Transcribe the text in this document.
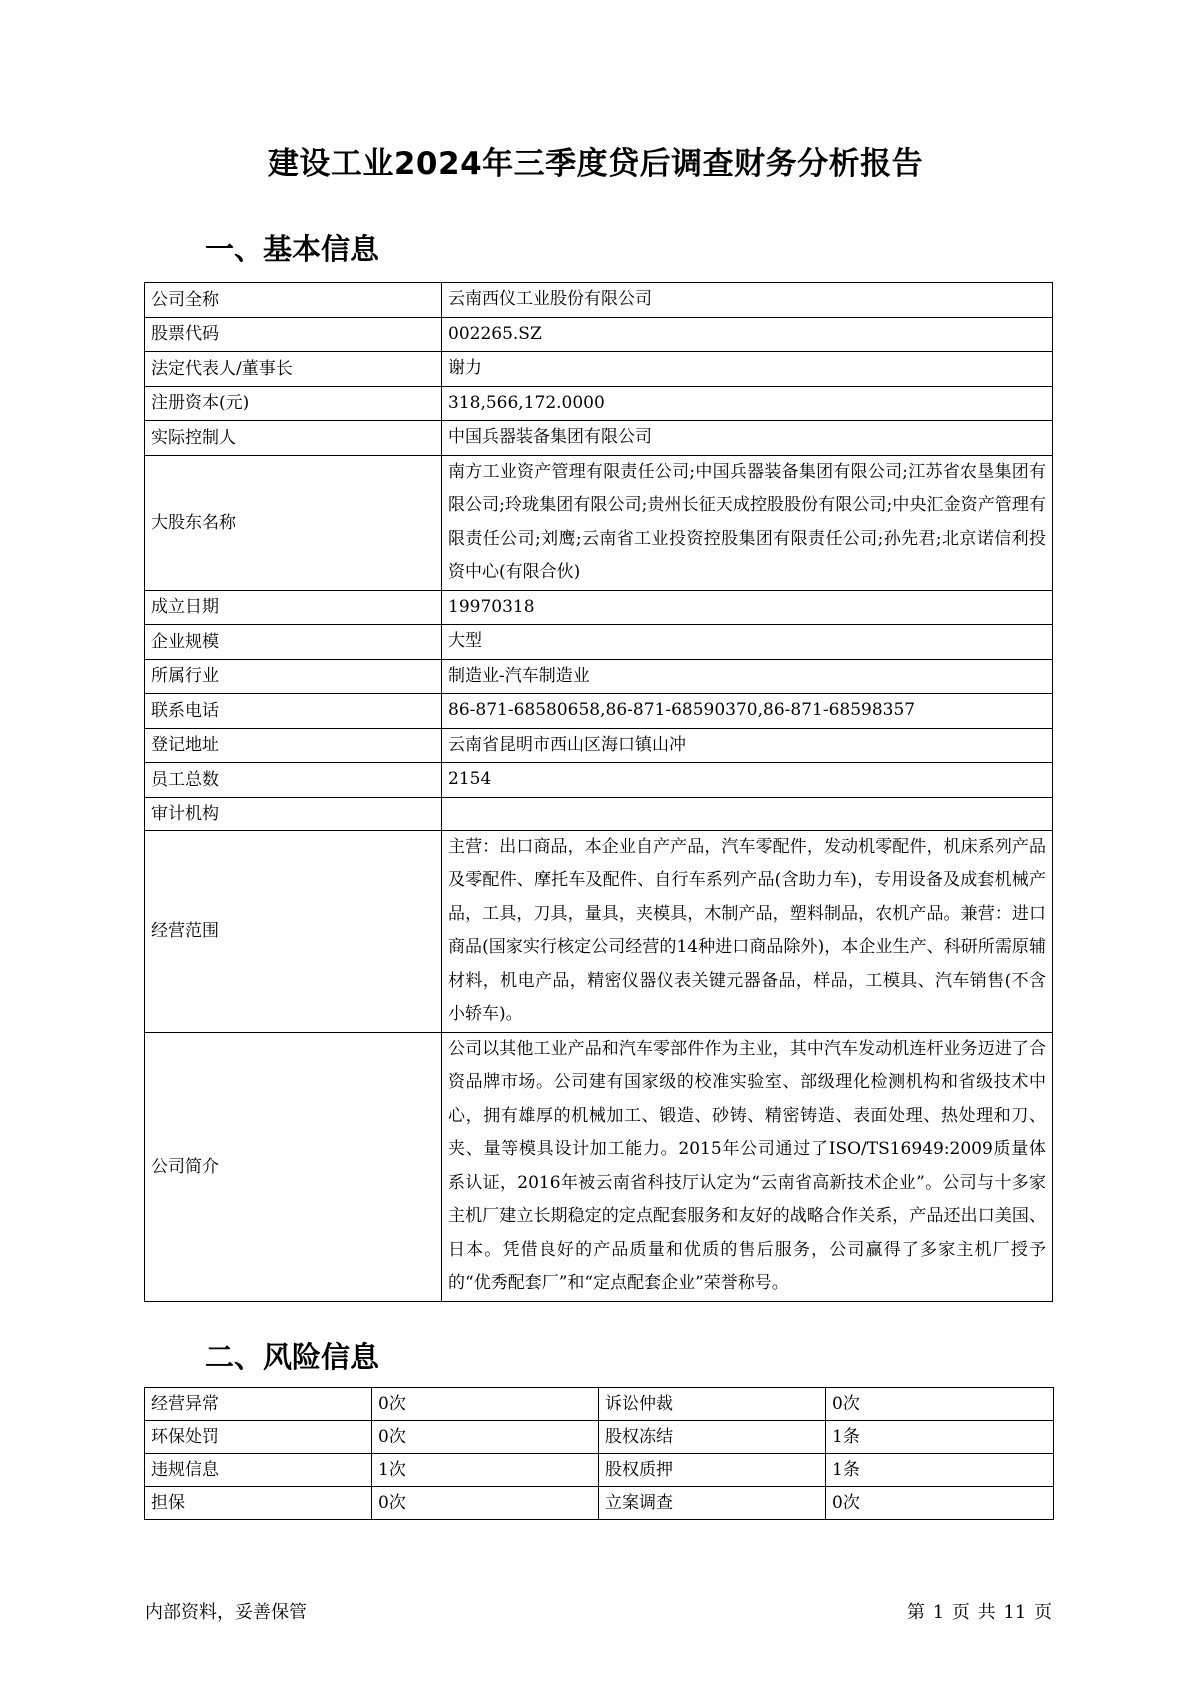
建设工业2024年三季度贷后调查财务分析报告
一、基本信息
公司全称	云南西仪工业股份有限公司
股票代码	002265.SZ
法定代表人/董事长	谢力
注册资本(元)	318,566,172.0000
实际控制人	中国兵器装备集团有限公司
大股东名称	南方工业资产管理有限责任公司;中国兵器装备集团有限公司;江苏省农垦集团有限公司;玲珑集团有限公司;贵州长征天成控股股份有限公司;中央汇金资产管理有限责任公司;刘鹰;云南省工业投资控股集团有限责任公司;孙先君;北京诺信利投资中心(有限合伙)
成立日期	19970318
企业规模	大型
所属行业	制造业-汽车制造业
联系电话	86-871-68580658,86-871-68590370,86-871-68598357
登记地址	云南省昆明市西山区海口镇山冲
员工总数	2154
审计机构	
经营范围	主营：出口商品，本企业自产产品，汽车零配件，发动机零配件，机床系列产品及零配件、摩托车及配件、自行车系列产品(含助力车)，专用设备及成套机械产品，工具，刀具，量具，夹模具，木制产品，塑料制品，农机产品。兼营：进口商品(国家实行核定公司经营的14种进口商品除外)，本企业生产、科研所需原辅材料，机电产品，精密仪器仪表关键元器备品，样品，工模具、汽车销售(不含小轿车)。
公司简介	公司以其他工业产品和汽车零部件作为主业，其中汽车发动机连杆业务迈进了合资品牌市场。公司建有国家级的校准实验室、部级理化检测机构和省级技术中心，拥有雄厚的机械加工、锻造、砂铸、精密铸造、表面处理、热处理和刀、夹、量等模具设计加工能力。2015年公司通过了ISO/TS16949:2009质量体系认证，2016年被云南省科技厅认定为“云南省高新技术企业”。公司与十多家主机厂建立长期稳定的定点配套服务和友好的战略合作关系，产品还出口美国、日本。凭借良好的产品质量和优质的售后服务，公司赢得了多家主机厂授予的“优秀配套厂”和“定点配套企业”荣誉称号。
二、风险信息
经营异常	0次	诉讼仲裁	0次
环保处罚	0次	股权冻结	1条
违规信息	1次	股权质押	1条
担保	0次	立案调查	0次
内部资料，妥善保管	第 1 页 共 11 页
